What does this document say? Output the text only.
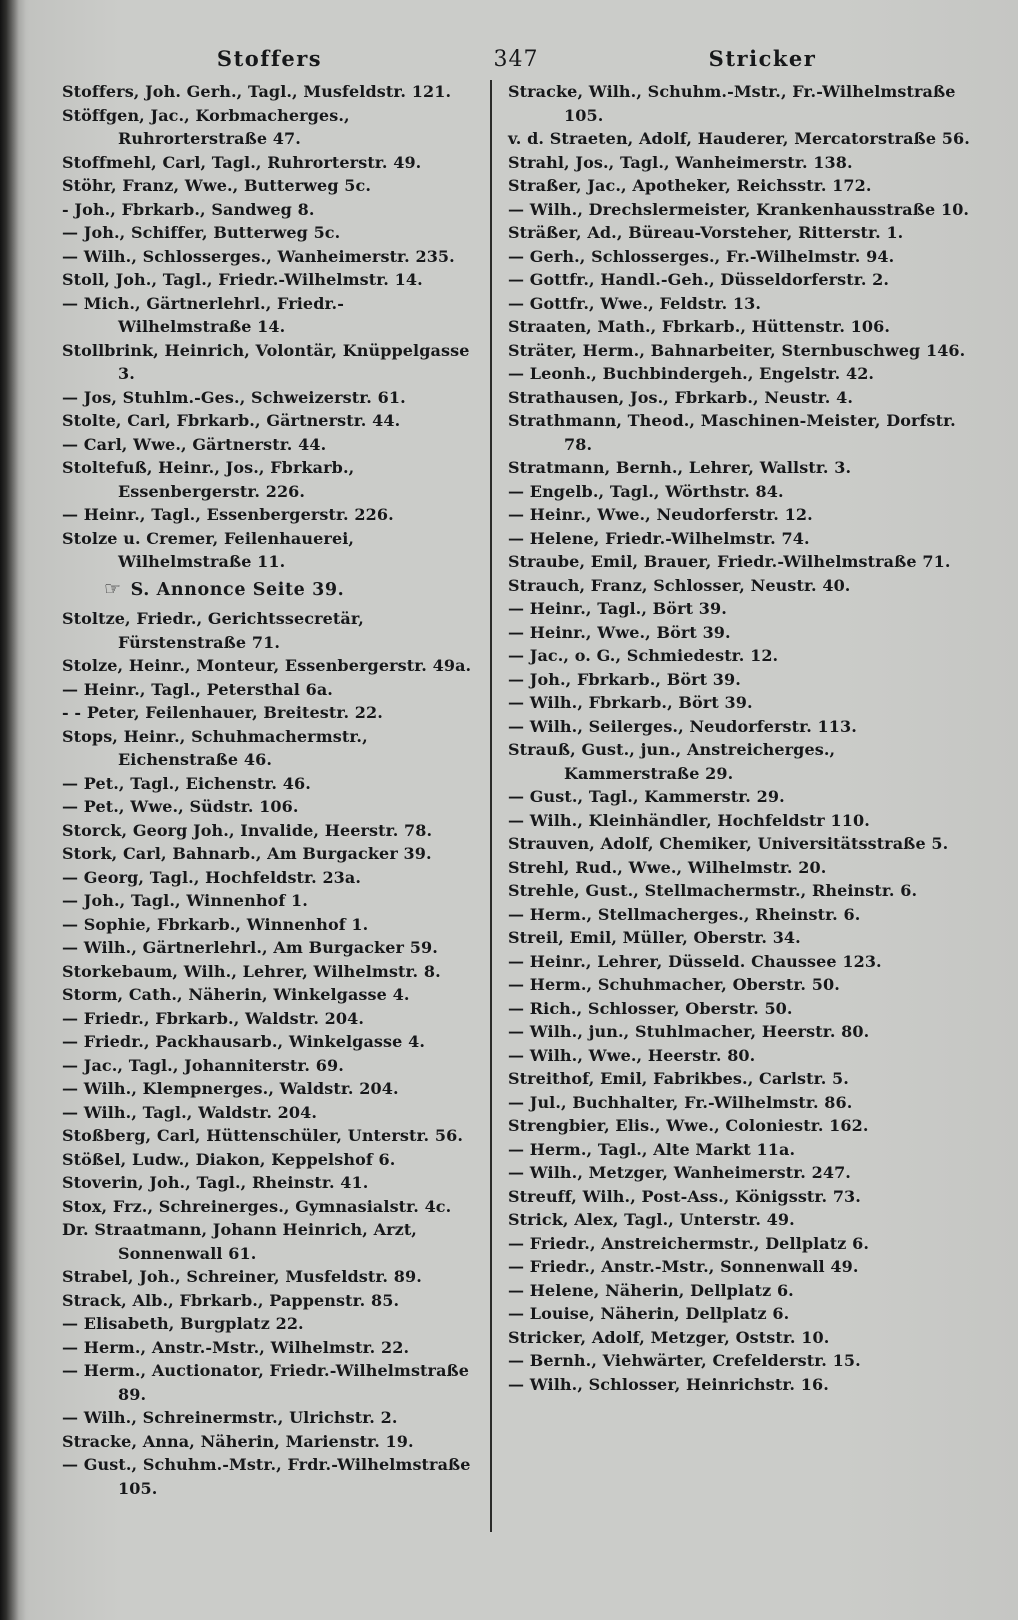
Stoffers	347	Stricker

Stoffers, Joh. Gerh., Tagl., Musfeldstr. 121.

Stöffgen, Jac., Korbmacherges., Ruhrorterstraße 47.

Stoffmehl, Carl, Tagl., Ruhrorterstr. 49.

Stöhr, Franz, Wwe., Butterweg 5c.

- Joh., Fbrkarb., Sandweg 8.

— Joh., Schiffer, Butterweg 5c.

— Wilh., Schlosserges., Wanheimerstr. 235.

Stoll, Joh., Tagl., Friedr.-Wilhelmstr. 14.

— Mich., Gärtnerlehrl., Friedr.-Wilhelmstraße 14.

Stollbrink, Heinrich, Volontär, Knüppelgasse 3.

— Jos, Stuhlm.-Ges., Schweizerstr. 61.

Stolte, Carl, Fbrkarb., Gärtnerstr. 44.

— Carl, Wwe., Gärtnerstr. 44.

Stoltefuß, Heinr., Jos., Fbrkarb., Essenbergerstr. 226.

— Heinr., Tagl., Essenbergerstr. 226.

Stolze u. Cremer, Feilenhauerei, Wilhelmstraße 11.

☞ S. Annonce Seite 39.

Stoltze, Friedr., Gerichtssecretär, Fürstenstraße 71.

Stolze, Heinr., Monteur, Essenbergerstr. 49a.

— Heinr., Tagl., Petersthal 6a.

- - Peter, Feilenhauer, Breitestr. 22.

Stops, Heinr., Schuhmachermstr., Eichenstraße 46.

— Pet., Tagl., Eichenstr. 46.

— Pet., Wwe., Südstr. 106.

Storck, Georg Joh., Invalide, Heerstr. 78.

Stork, Carl, Bahnarb., Am Burgacker 39.

— Georg, Tagl., Hochfeldstr. 23a.

— Joh., Tagl., Winnenhof 1.

— Sophie, Fbrkarb., Winnenhof 1.

— Wilh., Gärtnerlehrl., Am Burgacker 59.

Storkebaum, Wilh., Lehrer, Wilhelmstr. 8.

Storm, Cath., Näherin, Winkelgasse 4.

— Friedr., Fbrkarb., Waldstr. 204.

— Friedr., Packhausarb., Winkelgasse 4.

— Jac., Tagl., Johanniterstr. 69.

— Wilh., Klempnerges., Waldstr. 204.

— Wilh., Tagl., Waldstr. 204.

Stoßberg, Carl, Hüttenschüler, Unterstr. 56.

Stößel, Ludw., Diakon, Keppelshof 6.

Stoverin, Joh., Tagl., Rheinstr. 41.

Stox, Frz., Schreinerges., Gymnasialstr. 4c.

Dr. Straatmann, Johann Heinrich, Arzt, Sonnenwall 61.

Strabel, Joh., Schreiner, Musfeldstr. 89.

Strack, Alb., Fbrkarb., Pappenstr. 85.

— Elisabeth, Burgplatz 22.

— Herm., Anstr.-Mstr., Wilhelmstr. 22.

— Herm., Auctionator, Friedr.-Wilhelmstraße 89.

— Wilh., Schreinermstr., Ulrichstr. 2.

Stracke, Anna, Näherin, Marienstr. 19.

— Gust., Schuhm.-Mstr., Frdr.-Wilhelmstraße 105.

Stracke, Wilh., Schuhm.-Mstr., Fr.-Wilhelmstraße 105.

v. d. Straeten, Adolf, Hauderer, Mercatorstraße 56.

Strahl, Jos., Tagl., Wanheimerstr. 138.

Straßer, Jac., Apotheker, Reichsstr. 172.

— Wilh., Drechslermeister, Krankenhausstraße 10.

Sträßer, Ad., Büreau-Vorsteher, Ritterstr. 1.

— Gerh., Schlosserges., Fr.-Wilhelmstr. 94.

— Gottfr., Handl.-Geh., Düsseldorferstr. 2.

— Gottfr., Wwe., Feldstr. 13.

Straaten, Math., Fbrkarb., Hüttenstr. 106.

Sträter, Herm., Bahnarbeiter, Sternbuschweg 146.

— Leonh., Buchbindergeh., Engelstr. 42.

Strathausen, Jos., Fbrkarb., Neustr. 4.

Strathmann, Theod., Maschinen-Meister, Dorfstr. 78.

Stratmann, Bernh., Lehrer, Wallstr. 3.

— Engelb., Tagl., Wörthstr. 84.

— Heinr., Wwe., Neudorferstr. 12.

— Helene, Friedr.-Wilhelmstr. 74.

Straube, Emil, Brauer, Friedr.-Wilhelmstraße 71.

Strauch, Franz, Schlosser, Neustr. 40.

— Heinr., Tagl., Bört 39.

— Heinr., Wwe., Bört 39.

— Jac., o. G., Schmiedestr. 12.

— Joh., Fbrkarb., Bört 39.

— Wilh., Fbrkarb., Bört 39.

— Wilh., Seilerges., Neudorferstr. 113.

Strauß, Gust., jun., Anstreicherges., Kammerstraße 29.

— Gust., Tagl., Kammerstr. 29.

— Wilh., Kleinhändler, Hochfeldstr 110.

Strauven, Adolf, Chemiker, Universitätsstraße 5.

Strehl, Rud., Wwe., Wilhelmstr. 20.

Strehle, Gust., Stellmachermstr., Rheinstr. 6.

— Herm., Stellmacherges., Rheinstr. 6.

Streil, Emil, Müller, Oberstr. 34.

— Heinr., Lehrer, Düsseld. Chaussee 123.

— Herm., Schuhmacher, Oberstr. 50.

— Rich., Schlosser, Oberstr. 50.

— Wilh., jun., Stuhlmacher, Heerstr. 80.

— Wilh., Wwe., Heerstr. 80.

Streithof, Emil, Fabrikbes., Carlstr. 5.

— Jul., Buchhalter, Fr.-Wilhelmstr. 86.

Strengbier, Elis., Wwe., Coloniestr. 162.

— Herm., Tagl., Alte Markt 11a.

— Wilh., Metzger, Wanheimerstr. 247.

Streuff, Wilh., Post-Ass., Königsstr. 73.

Strick, Alex, Tagl., Unterstr. 49.

— Friedr., Anstreichermstr., Dellplatz 6.

— Friedr., Anstr.-Mstr., Sonnenwall 49.

— Helene, Näherin, Dellplatz 6.

— Louise, Näherin, Dellplatz 6.

Stricker, Adolf, Metzger, Oststr. 10.

— Bernh., Viehwärter, Crefelderstr. 15.

— Wilh., Schlosser, Heinrichstr. 16.
